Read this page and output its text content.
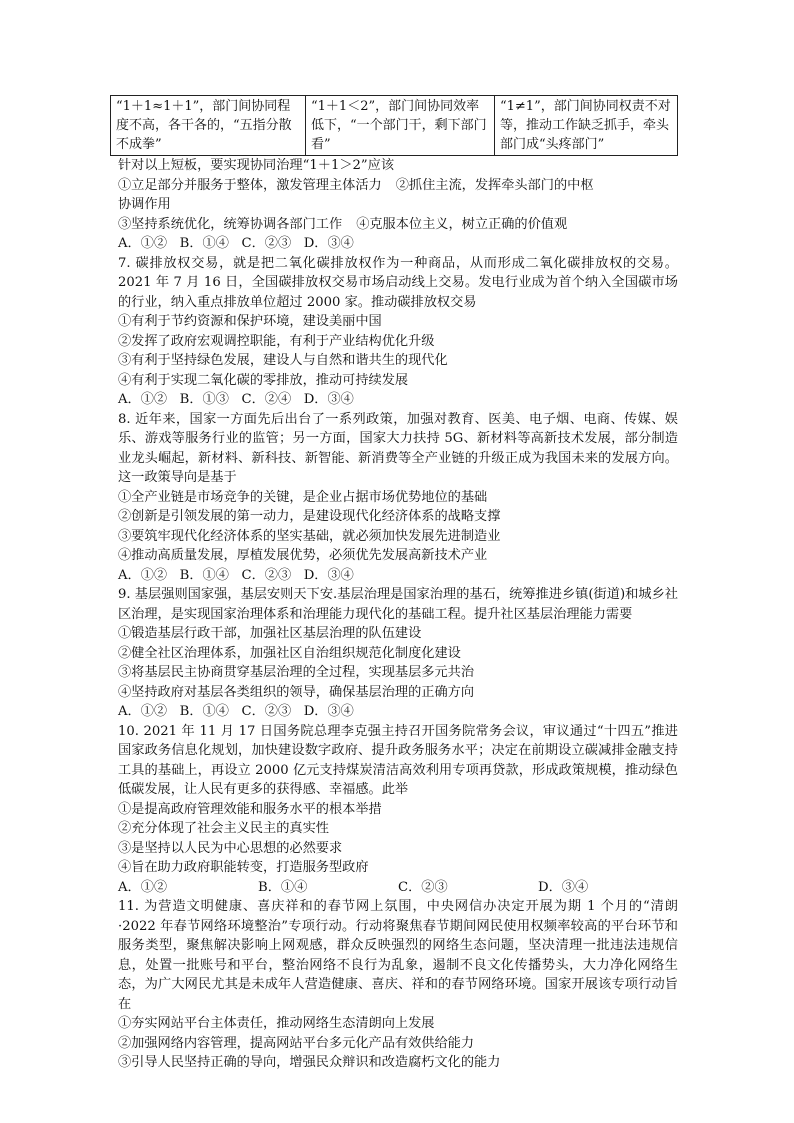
“1＋1≈1＋1”，部门间协同程度不高，各干各的，“五指分散不成拳”	“1＋1＜2”，部门间协同效率低下，“一个部门干，剩下部门看”	“1≠1”，部门间协同权责不对等，推动工作缺乏抓手，牵头部门成“头疼部门”
针对以上短板，要实现协同治理“1＋1＞2”应该
①立足部分并服务于整体，激发管理主体活力 ②抓住主流，发挥牵头部门的中枢
协调作用
③坚持系统优化，统筹协调各部门工作 ④克服本位主义，树立正确的价值观
A．①②   B．①④   C．②③   D．③④
7. 碳排放权交易，就是把二氧化碳排放权作为一种商品，从而形成二氧化碳排放权的交易。2021 年 7 月 16 日，全国碳排放权交易市场启动线上交易。发电行业成为首个纳入全国碳市场的行业，纳入重点排放单位超过 2000 家。推动碳排放权交易
①有利于节约资源和保护环境，建设美丽中国
②发挥了政府宏观调控职能，有利于产业结构优化升级
③有利于坚持绿色发展，建设人与自然和谐共生的现代化
④有利于实现二氧化碳的零排放，推动可持续发展
A．①②   B．①③   C．②④   D．③④
8. 近年来，国家一方面先后出台了一系列政策，加强对教育、医美、电子烟、电商、传媒、娱乐、游戏等服务行业的监管；另一方面，国家大力扶持 5G、新材料等高新技术发展，部分制造业龙头崛起，新材料、新科技、新智能、新消费等全产业链的升级正成为我国未来的发展方向。这一政策导向是基于
①全产业链是市场竞争的关键，是企业占据市场优势地位的基础
②创新是引领发展的第一动力，是建设现代化经济体系的战略支撑
③要筑牢现代化经济体系的坚实基础，就必须加快发展先进制造业
④推动高质量发展，厚植发展优势，必须优先发展高新技术产业
A．①②   B．①④   C．②③   D．③④
9. 基层强则国家强，基层安则天下安.基层治理是国家治理的基石，统筹推进乡镇(街道)和城乡社区治理，是实现国家治理体系和治理能力现代化的基础工程。提升社区基层治理能力需要
①锻造基层行政干部，加强社区基层治理的队伍建设
②健全社区治理体系，加强社区自治组织规范化制度化建设
③将基层民主协商贯穿基层治理的全过程，实现基层多元共治
④坚持政府对基层各类组织的领导，确保基层治理的正确方向
A．①②   B．①④   C．②③   D．③④
10. 2021 年 11 月 17 日国务院总理李克强主持召开国务院常务会议，审议通过“十四五”推进国家政务信息化规划，加快建设数字政府、提升政务服务水平；决定在前期设立碳减排金融支持工具的基础上，再设立 2000 亿元支持煤炭清洁高效利用专项再贷款，形成政策规模，推动绿色低碳发展，让人民有更多的获得感、幸福感。此举
①是提高政府管理效能和服务水平的根本举措
②充分体现了社会主义民主的真实性
③是坚持以人民为中心思想的必然要求
④旨在助力政府职能转变，打造服务型政府
A．①②	B．①④	C．②③	D．③④
11. 为营造文明健康、喜庆祥和的春节网上氛围，中央网信办决定开展为期 1 个月的“清朗·2022 年春节网络环境整治”专项行动。行动将聚焦春节期间网民使用权频率较高的平台环节和服务类型，聚焦解决影响上网观感，群众反映强烈的网络生态问题，坚决清理一批违法违规信息，处置一批账号和平台，整治网络不良行为乱象，遏制不良文化传播势头，大力净化网络生态，为广大网民尤其是未成年人营造健康、喜庆、祥和的春节网络环境。国家开展该专项行动旨在
①夯实网站平台主体责任，推动网络生态清朗向上发展
②加强网络内容管理，提高网站平台多元化产品有效供给能力
③引导人民坚持正确的导向，增强民众辩识和改造腐朽文化的能力
